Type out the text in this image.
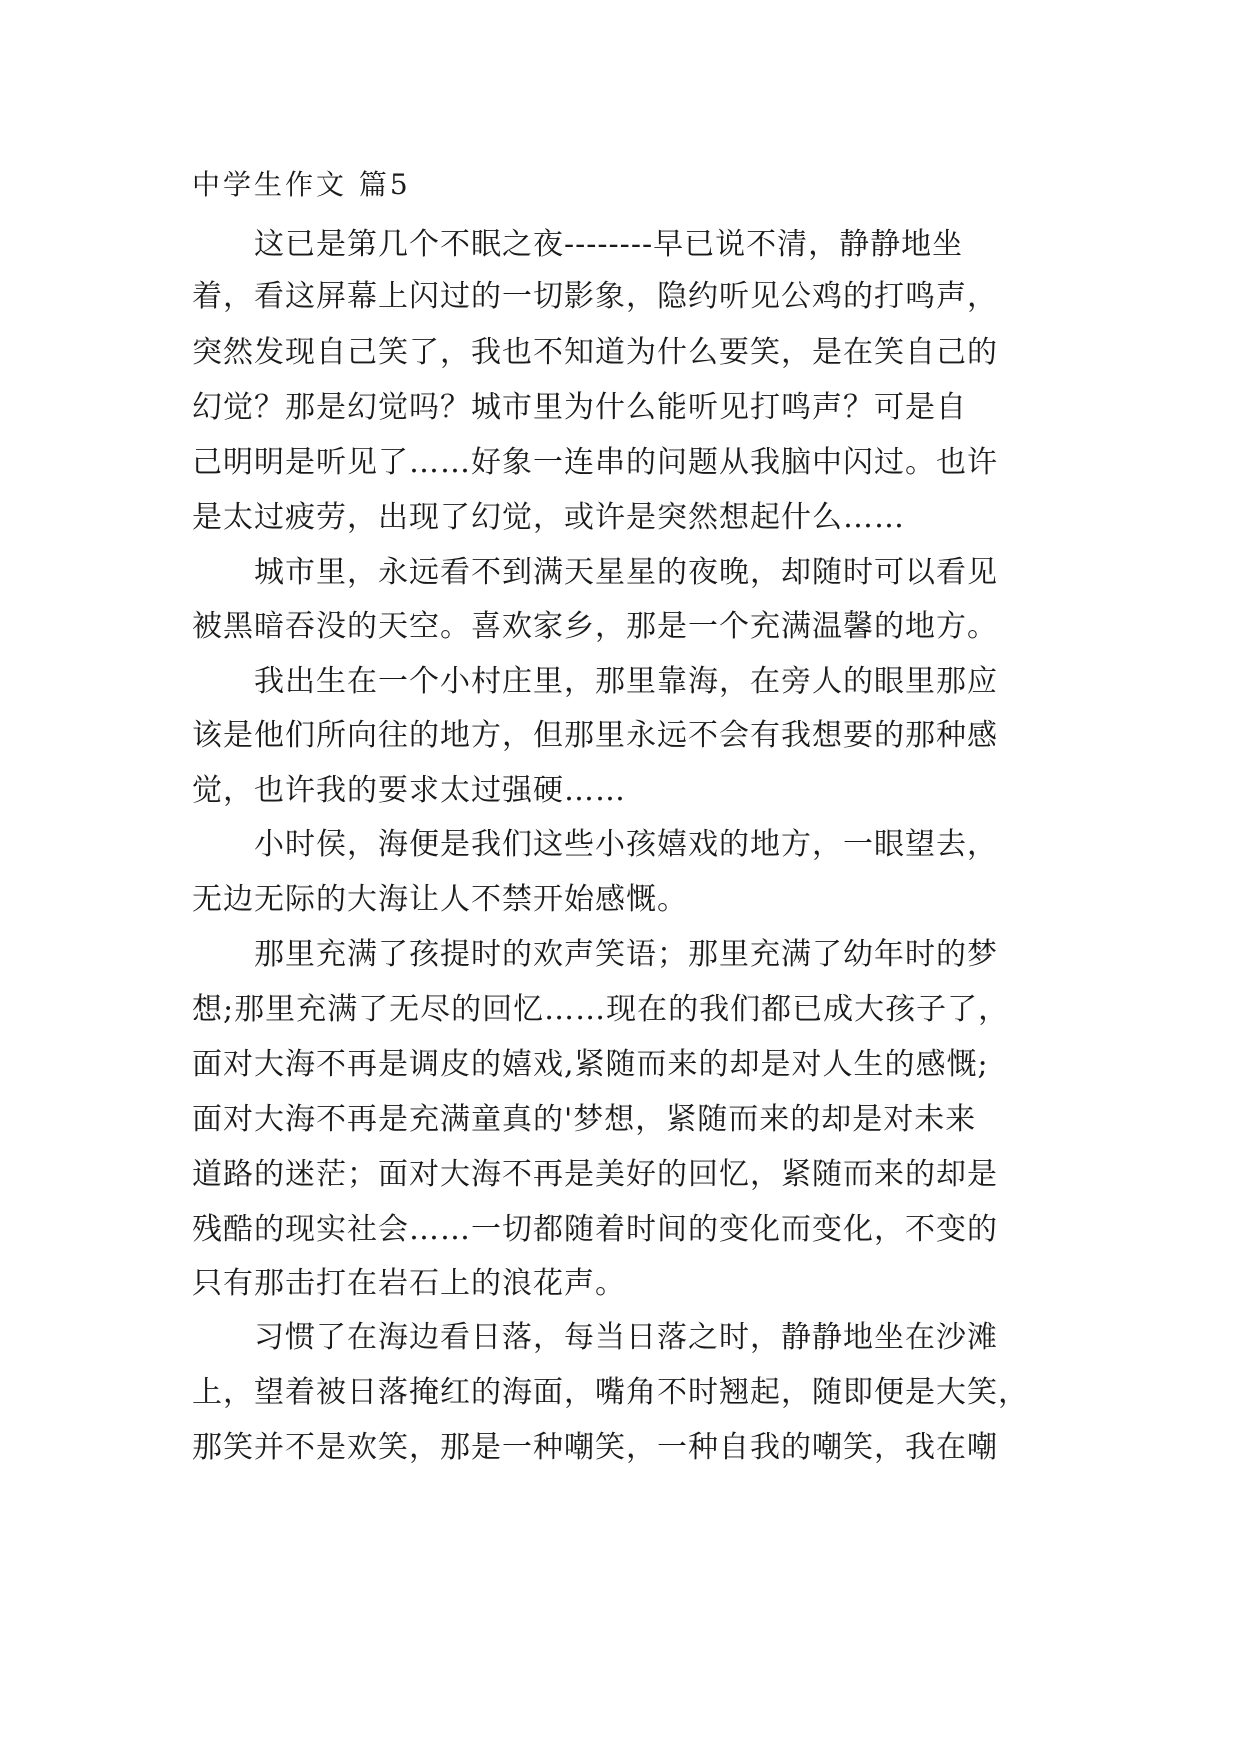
中学生作文 篇5
　　这已是第几个不眠之夜--------早已说不清，静静地坐
着，看这屏幕上闪过的一切影象，隐约听见公鸡的打鸣声，
突然发现自己笑了，我也不知道为什么要笑，是在笑自己的
幻觉？那是幻觉吗？城市里为什么能听见打鸣声？可是自
己明明是听见了……好象一连串的问题从我脑中闪过。也许
是太过疲劳，出现了幻觉，或许是突然想起什么……
　　城市里，永远看不到满天星星的夜晚，却随时可以看见
被黑暗吞没的天空。喜欢家乡，那是一个充满温馨的地方。
　　我出生在一个小村庄里，那里靠海，在旁人的眼里那应
该是他们所向往的地方，但那里永远不会有我想要的那种感
觉，也许我的要求太过强硬……
　　小时侯，海便是我们这些小孩嬉戏的地方，一眼望去，
无边无际的大海让人不禁开始感慨。
　　那里充满了孩提时的欢声笑语；那里充满了幼年时的梦
想;那里充满了无尽的回忆……现在的我们都已成大孩子了，
面对大海不再是调皮的嬉戏,紧随而来的却是对人生的感慨;
面对大海不再是充满童真的'梦想，紧随而来的却是对未来
道路的迷茫；面对大海不再是美好的回忆，紧随而来的却是
残酷的现实社会……一切都随着时间的变化而变化，不变的
只有那击打在岩石上的浪花声。
　　习惯了在海边看日落，每当日落之时，静静地坐在沙滩
上，望着被日落掩红的海面，嘴角不时翘起，随即便是大笑，
那笑并不是欢笑，那是一种嘲笑，一种自我的嘲笑，我在嘲
